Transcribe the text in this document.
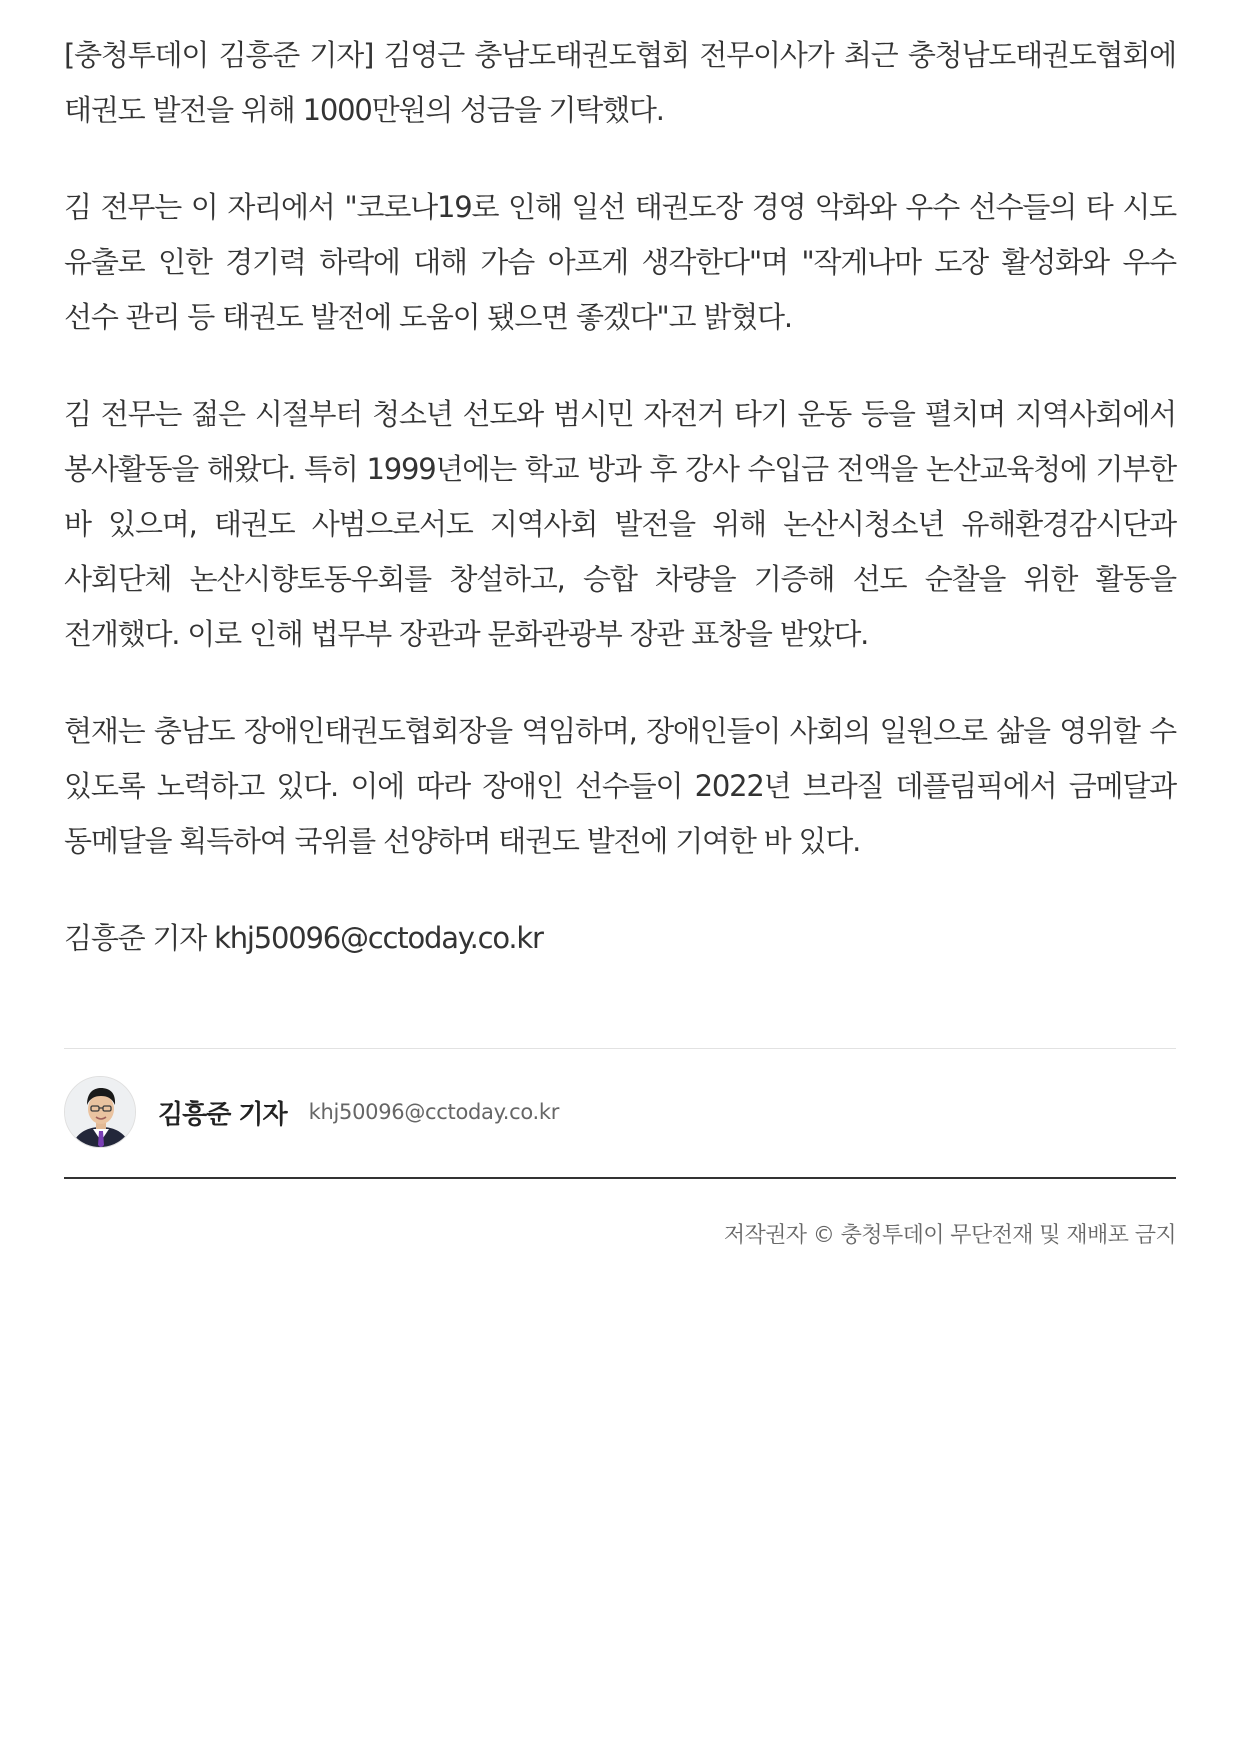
[충청투데이 김흥준 기자] 김영근 충남도태권도협회 전무이사가 최근 충청남도태권도협회에 태권도 발전을 위해 1000만원의 성금을 기탁했다.

김 전무는 이 자리에서 "코로나19로 인해 일선 태권도장 경영 악화와 우수 선수들의 타 시도 유출로 인한 경기력 하락에 대해 가슴 아프게 생각한다"며 "작게나마 도장 활성화와 우수 선수 관리 등 태권도 발전에 도움이 됐으면 좋겠다"고 밝혔다.

김 전무는 젊은 시절부터 청소년 선도와 범시민 자전거 타기 운동 등을 펼치며 지역사회에서 봉사활동을 해왔다. 특히 1999년에는 학교 방과 후 강사 수입금 전액을 논산교육청에 기부한 바 있으며, 태권도 사범으로서도 지역사회 발전을 위해 논산시청소년 유해환경감시단과 사회단체 논산시향토동우회를 창설하고, 승합 차량을 기증해 선도 순찰을 위한 활동을 전개했다. 이로 인해 법무부 장관과 문화관광부 장관 표창을 받았다.

현재는 충남도 장애인태권도협회장을 역임하며, 장애인들이 사회의 일원으로 삶을 영위할 수 있도록 노력하고 있다. 이에 따라 장애인 선수들이 2022년 브라질 데플림픽에서 금메달과 동메달을 획득하여 국위를 선양하며 태권도 발전에 기여한 바 있다.

김흥준 기자 khj50096@cctoday.co.kr
김흥준 기자 khj50096@cctoday.co.kr
저작권자 © 충청투데이 무단전재 및 재배포 금지
